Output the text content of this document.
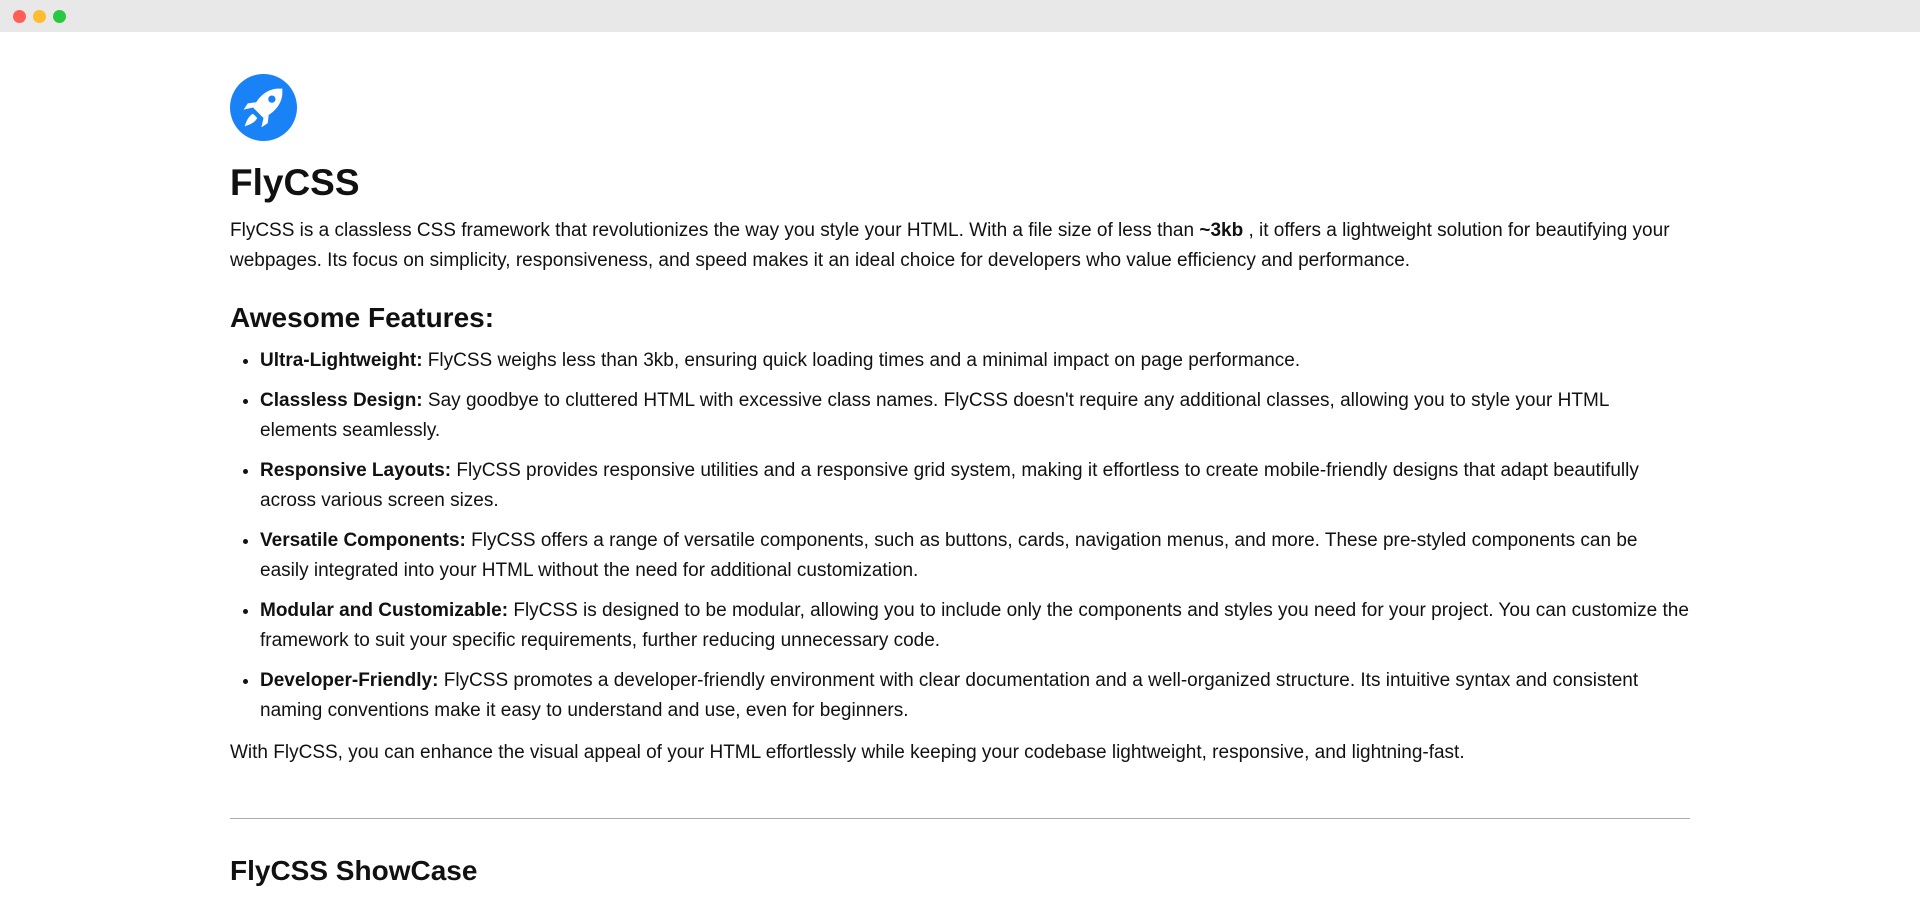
FlyCSS

FlyCSS is a classless CSS framework that revolutionizes the way you style your HTML. With a file size of less than ~3kb , it offers a lightweight solution for beautifying your webpages. Its focus on simplicity, responsiveness, and speed makes it an ideal choice for developers who value efficiency and performance.

Awesome Features:
• Ultra-Lightweight: FlyCSS weighs less than 3kb, ensuring quick loading times and a minimal impact on page performance.
• Classless Design: Say goodbye to cluttered HTML with excessive class names. FlyCSS doesn't require any additional classes, allowing you to style your HTML elements seamlessly.
• Responsive Layouts: FlyCSS provides responsive utilities and a responsive grid system, making it effortless to create mobile-friendly designs that adapt beautifully across various screen sizes.
• Versatile Components: FlyCSS offers a range of versatile components, such as buttons, cards, navigation menus, and more. These pre-styled components can be easily integrated into your HTML without the need for additional customization.
• Modular and Customizable: FlyCSS is designed to be modular, allowing you to include only the components and styles you need for your project. You can customize the framework to suit your specific requirements, further reducing unnecessary code.
• Developer-Friendly: FlyCSS promotes a developer-friendly environment with clear documentation and a well-organized structure. Its intuitive syntax and consistent naming conventions make it easy to understand and use, even for beginners.

With FlyCSS, you can enhance the visual appeal of your HTML effortlessly while keeping your codebase lightweight, responsive, and lightning-fast.

FlyCSS ShowCase
